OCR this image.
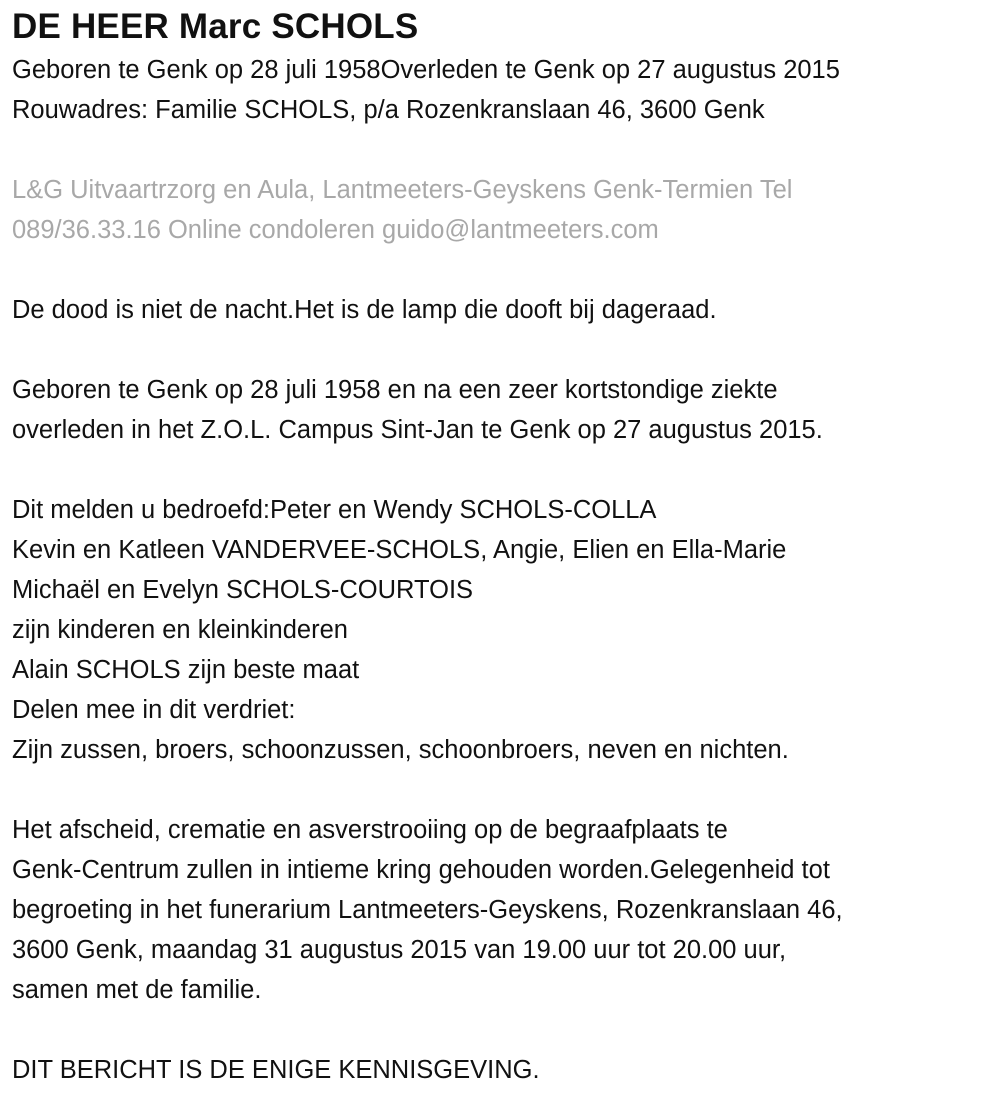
DE HEER Marc SCHOLS
Geboren te Genk op 28 juli 1958Overleden te Genk op 27 augustus 2015
Rouwadres: Familie SCHOLS, p/a Rozenkranslaan 46, 3600 Genk
L&G Uitvaartrzorg en Aula, Lantmeeters-Geyskens Genk-Termien Tel
089/36.33.16 Online condoleren guido@lantmeeters.com
De dood is niet de nacht.Het is de lamp die dooft bij dageraad.
Geboren te Genk op 28 juli 1958 en na een zeer kortstondige ziekte
overleden in het Z.O.L. Campus Sint-Jan te Genk op 27 augustus 2015.
Dit melden u bedroefd:Peter en Wendy SCHOLS-COLLA
Kevin en Katleen VANDERVEE-SCHOLS, Angie, Elien en Ella-Marie
Michaël en Evelyn SCHOLS-COURTOIS
zijn kinderen en kleinkinderen
Alain SCHOLS zijn beste maat
Delen mee in dit verdriet:
Zijn zussen, broers, schoonzussen, schoonbroers, neven en nichten.
Het afscheid, crematie en asverstrooiing op de begraafplaats te
Genk-Centrum zullen in intieme kring gehouden worden.Gelegenheid tot
begroeting in het funerarium Lantmeeters-Geyskens, Rozenkranslaan 46,
3600 Genk, maandag 31 augustus 2015 van 19.00 uur tot 20.00 uur,
samen met de familie.
DIT BERICHT IS DE ENIGE KENNISGEVING.
